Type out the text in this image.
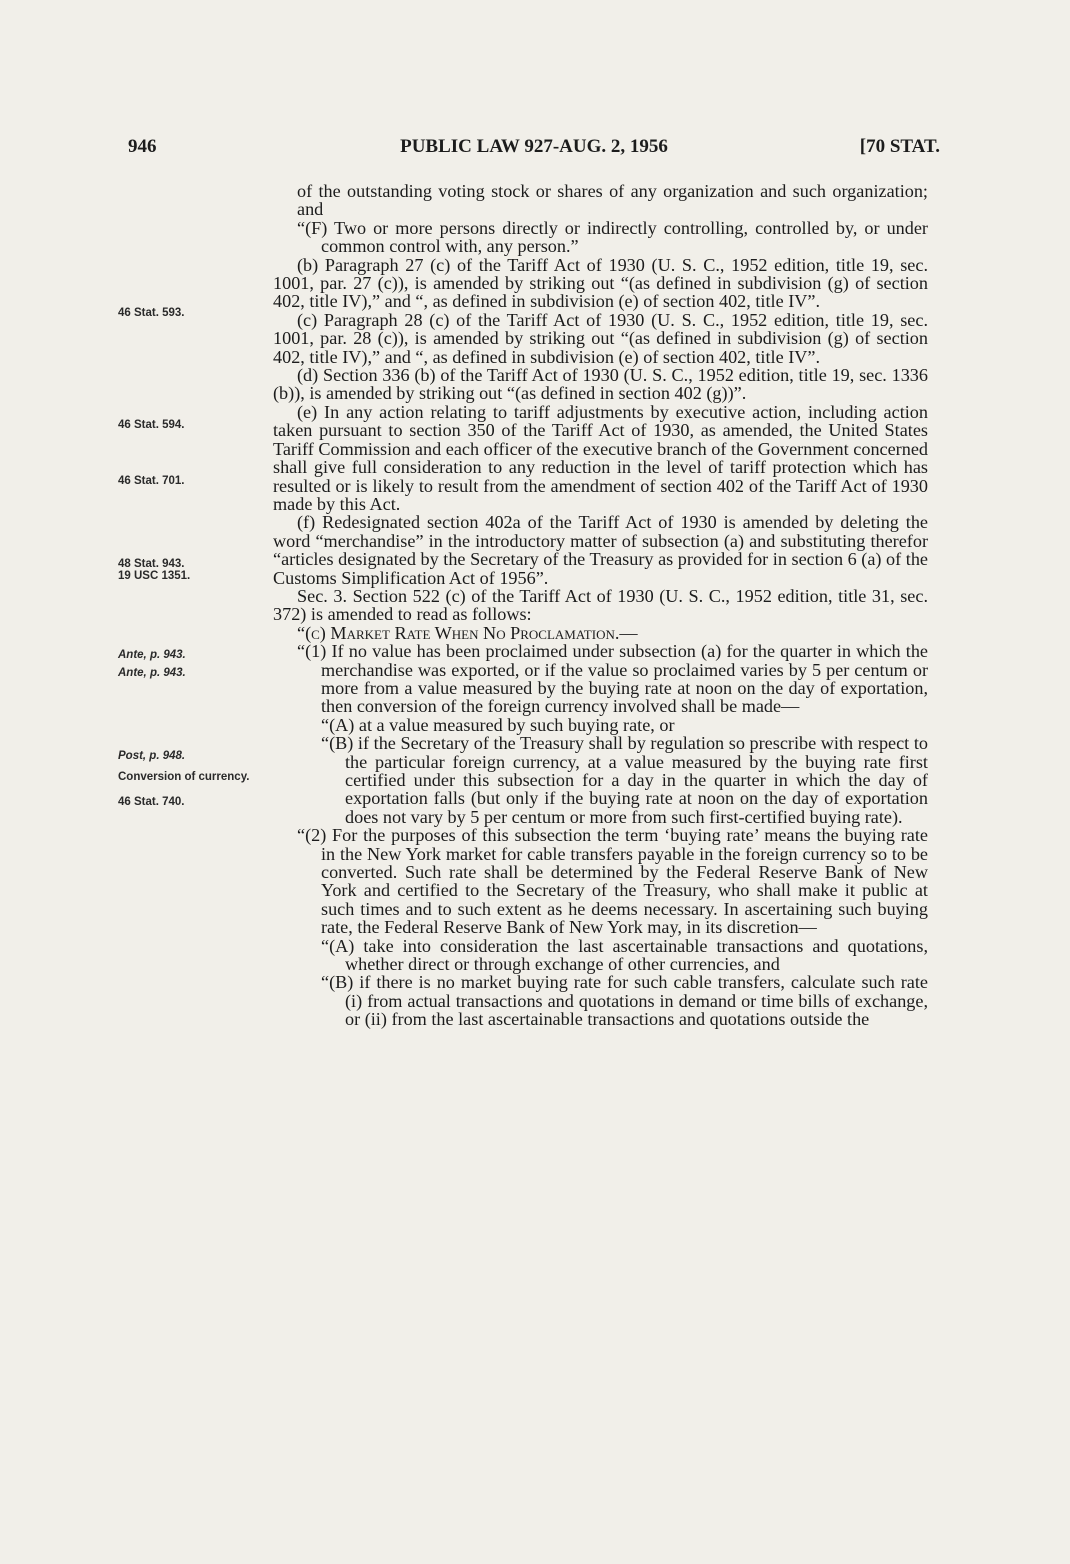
946	PUBLIC LAW 927-AUG. 2, 1956	[70 STAT.
46 Stat. 593.
46 Stat. 594.
46 Stat. 701.
48 Stat. 943.
19 USC 1351.
Ante, p. 943.
Ante, p. 943.
Post, p. 948.
Conversion of currency.
46 Stat. 740.

of the outstanding voting stock or shares of any organization and such organization; and

“(F) Two or more persons directly or indirectly controlling, controlled by, or under common control with, any person.”

(b) Paragraph 27 (c) of the Tariff Act of 1930 (U. S. C., 1952 edition, title 19, sec. 1001, par. 27 (c)), is amended by striking out “(as defined in subdivision (g) of section 402, title IV),” and “, as defined in subdivision (e) of section 402, title IV”.

(c) Paragraph 28 (c) of the Tariff Act of 1930 (U. S. C., 1952 edition, title 19, sec. 1001, par. 28 (c)), is amended by striking out “(as defined in subdivision (g) of section 402, title IV),” and “, as defined in subdivision (e) of section 402, title IV”.

(d) Section 336 (b) of the Tariff Act of 1930 (U. S. C., 1952 edition, title 19, sec. 1336 (b)), is amended by striking out “(as defined in section 402 (g))”.

(e) In any action relating to tariff adjustments by executive action, including action taken pursuant to section 350 of the Tariff Act of 1930, as amended, the United States Tariff Commission and each officer of the executive branch of the Government concerned shall give full consideration to any reduction in the level of tariff protection which has resulted or is likely to result from the amendment of section 402 of the Tariff Act of 1930 made by this Act.

(f) Redesignated section 402a of the Tariff Act of 1930 is amended by deleting the word “merchandise” in the introductory matter of subsection (a) and substituting therefor “articles designated by the Secretary of the Treasury as provided for in section 6 (a) of the Customs Simplification Act of 1956”.

Sec. 3. Section 522 (c) of the Tariff Act of 1930 (U. S. C., 1952 edition, title 31, sec. 372) is amended to read as follows:

“(c) Market Rate When No Proclamation.—

“(1) If no value has been proclaimed under subsection (a) for the quarter in which the merchandise was exported, or if the value so proclaimed varies by 5 per centum or more from a value measured by the buying rate at noon on the day of exportation, then conversion of the foreign currency involved shall be made—

“(A) at a value measured by such buying rate, or

“(B) if the Secretary of the Treasury shall by regulation so prescribe with respect to the particular foreign currency, at a value measured by the buying rate first certified under this subsection for a day in the quarter in which the day of exportation falls (but only if the buying rate at noon on the day of exportation does not vary by 5 per centum or more from such first-certified buying rate).

“(2) For the purposes of this subsection the term ‘buying rate’ means the buying rate in the New York market for cable transfers payable in the foreign currency so to be converted. Such rate shall be determined by the Federal Reserve Bank of New York and certified to the Secretary of the Treasury, who shall make it public at such times and to such extent as he deems necessary. In ascertaining such buying rate, the Federal Reserve Bank of New York may, in its discretion—

“(A) take into consideration the last ascertainable transactions and quotations, whether direct or through exchange of other currencies, and

“(B) if there is no market buying rate for such cable transfers, calculate such rate (i) from actual transactions and quotations in demand or time bills of exchange, or (ii) from the last ascertainable transactions and quotations outside the
